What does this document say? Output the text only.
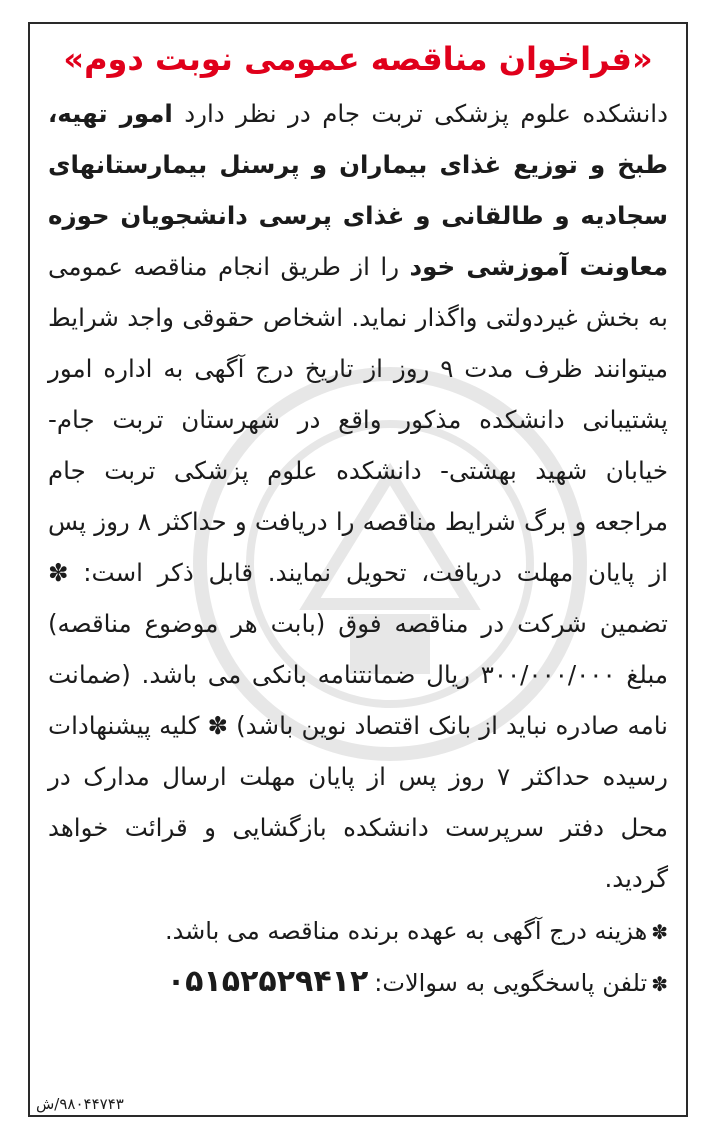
«فراخوان مناقصه عمومی نوبت دوم»
دانشکده علوم پزشکی تربت جام در نظر دارد امور تهیه، طبخ و توزیع غذای بیماران و پرسنل بیمارستانهای سجادیه و طالقانی و غذای پرسی دانشجویان حوزه معاونت آموزشی خود را از طریق انجام مناقصه عمومی به بخش غیردولتی واگذار نماید. اشخاص حقوقی واجد شرایط میتوانند ظرف مدت ۹ روز از تاریخ درج آگهی به اداره امور پشتیبانی دانشکده مذکور واقع در شهرستان تربت جام- خیابان شهید بهشتی- دانشکده علوم پزشکی تربت جام مراجعه و برگ شرایط مناقصه را دریافت و حداکثر ۸ روز پس از پایان مهلت دریافت، تحویل نمایند. قابل ذکر است: ✽ تضمین شرکت در مناقصه فوق (بابت هر موضوع مناقصه) مبلغ ۳۰۰/۰۰۰/۰۰۰ ریال ضمانتنامه بانکی می باشد. (ضمانت نامه صادره نباید از بانک اقتصاد نوین باشد) ✽ کلیه پیشنهادات رسیده حداکثر ۷ روز پس از پایان مهلت ارسال مدارک در محل دفتر سرپرست دانشکده بازگشایی و قرائت خواهد گردید.
✽هزینه درج آگهی به عهده برنده مناقصه می باشد.
✽تلفن پاسخگویی به سوالات:۰۵۱۵۲۵۲۹۴۱۲
۹۸۰۴۴۷۴۳/ش
